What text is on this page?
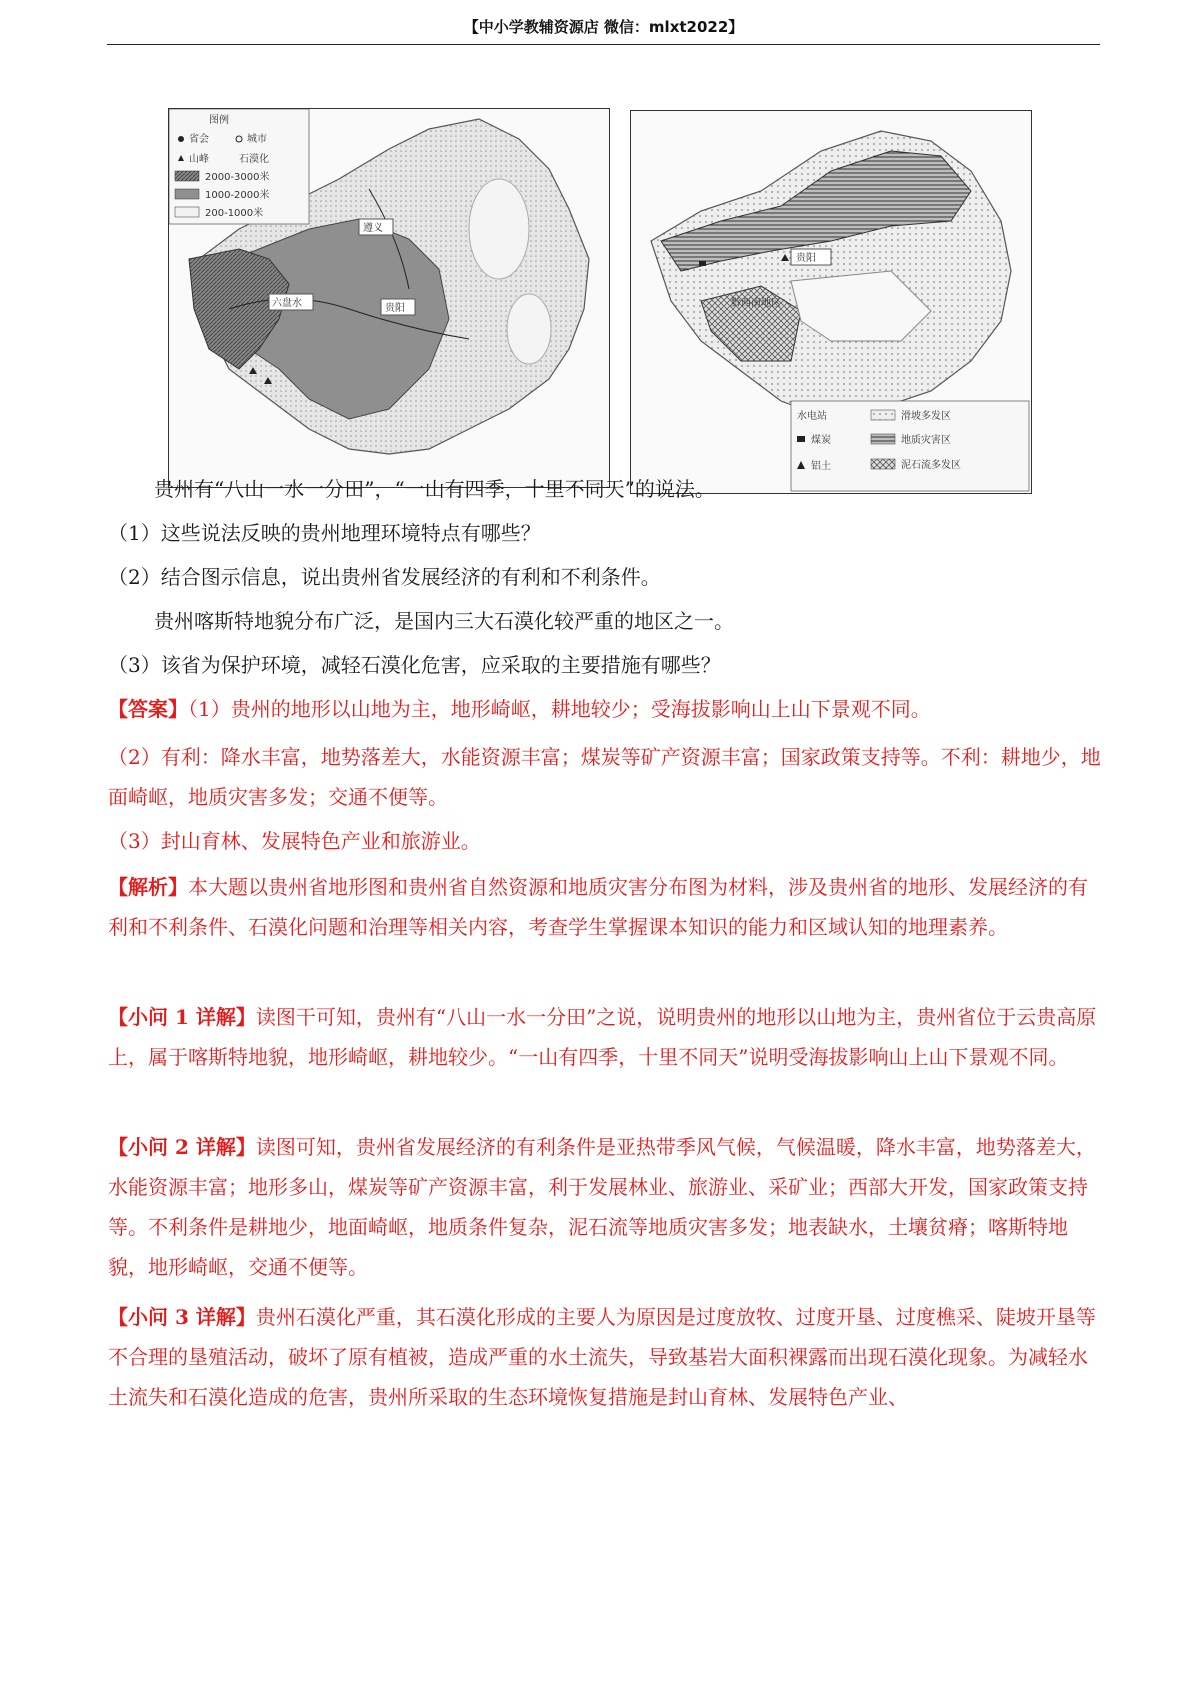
【中小学教辅资源店 微信：mlxt2022】
图例
省会	城市
山峰	石漠化
2000-3000米
1000-2000米
200-1000米
遵义
贵阳
六盘水
贵阳
黔西南地区
水电站
煤炭
铝土
滑坡多发区
地质灾害区
泥石流多发区
贵州有“八山一水一分田”，“一山有四季，十里不同天”的说法。
（1）这些说法反映的贵州地理环境特点有哪些？
（2）结合图示信息，说出贵州省发展经济的有利和不利条件。
贵州喀斯特地貌分布广泛，是国内三大石漠化较严重的地区之一。
（3）该省为保护环境，减轻石漠化危害，应采取的主要措施有哪些？
【答案】（1）贵州的地形以山地为主，地形崎岖，耕地较少；受海拔影响山上山下景观不同。
（2）有利：降水丰富，地势落差大，水能资源丰富；煤炭等矿产资源丰富；国家政策支持等。不利：耕地少，地面崎岖，地质灾害多发；交通不便等。
（3）封山育林、发展特色产业和旅游业。
【解析】本大题以贵州省地形图和贵州省自然资源和地质灾害分布图为材料，涉及贵州省的地形、发展经济的有利和不利条件、石漠化问题和治理等相关内容，考查学生掌握课本知识的能力和区域认知的地理素养。
【小问 1 详解】读图干可知，贵州有“八山一水一分田”之说，说明贵州的地形以山地为主，贵州省位于云贵高原上，属于喀斯特地貌，地形崎岖，耕地较少。“一山有四季，十里不同天”说明受海拔影响山上山下景观不同。
【小问 2 详解】读图可知，贵州省发展经济的有利条件是亚热带季风气候，气候温暖，降水丰富，地势落差大，水能资源丰富；地形多山，煤炭等矿产资源丰富，利于发展林业、旅游业、采矿业；西部大开发，国家政策支持等。不利条件是耕地少，地面崎岖，地质条件复杂，泥石流等地质灾害多发；地表缺水，土壤贫瘠；喀斯特地貌，地形崎岖，交通不便等。
【小问 3 详解】贵州石漠化严重，其石漠化形成的主要人为原因是过度放牧、过度开垦、过度樵采、陡坡开垦等不合理的垦殖活动，破坏了原有植被，造成严重的水土流失，导致基岩大面积裸露而出现石漠化现象。为减轻水土流失和石漠化造成的危害，贵州所采取的生态环境恢复措施是封山育林、发展特色产业、
